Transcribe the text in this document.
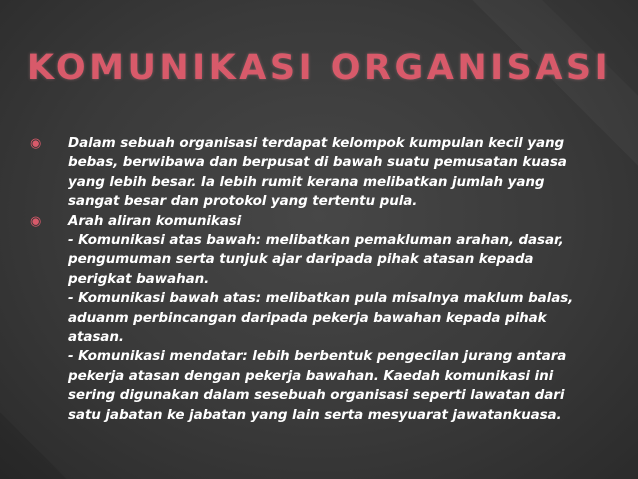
KOMUNIKASI ORGANISASI
◉ Dalam sebuah organisasi terdapat kelompok kumpulan kecil yang
bebas, berwibawa dan berpusat di bawah suatu pemusatan kuasa
yang lebih besar. Ia lebih rumit kerana melibatkan jumlah yang
sangat besar dan protokol yang tertentu pula.
◉ Arah aliran komunikasi
- Komunikasi atas bawah: melibatkan pemakluman arahan, dasar,
pengumuman serta tunjuk ajar daripada pihak atasan kepada
perigkat bawahan.
- Komunikasi bawah atas: melibatkan pula misalnya maklum balas,
aduanm perbincangan daripada pekerja bawahan kepada pihak
atasan.
- Komunikasi mendatar: lebih berbentuk pengecilan jurang antara
pekerja atasan dengan pekerja bawahan. Kaedah komunikasi ini
sering digunakan dalam sesebuah organisasi seperti lawatan dari
satu jabatan ke jabatan yang lain serta mesyuarat jawatankuasa.
